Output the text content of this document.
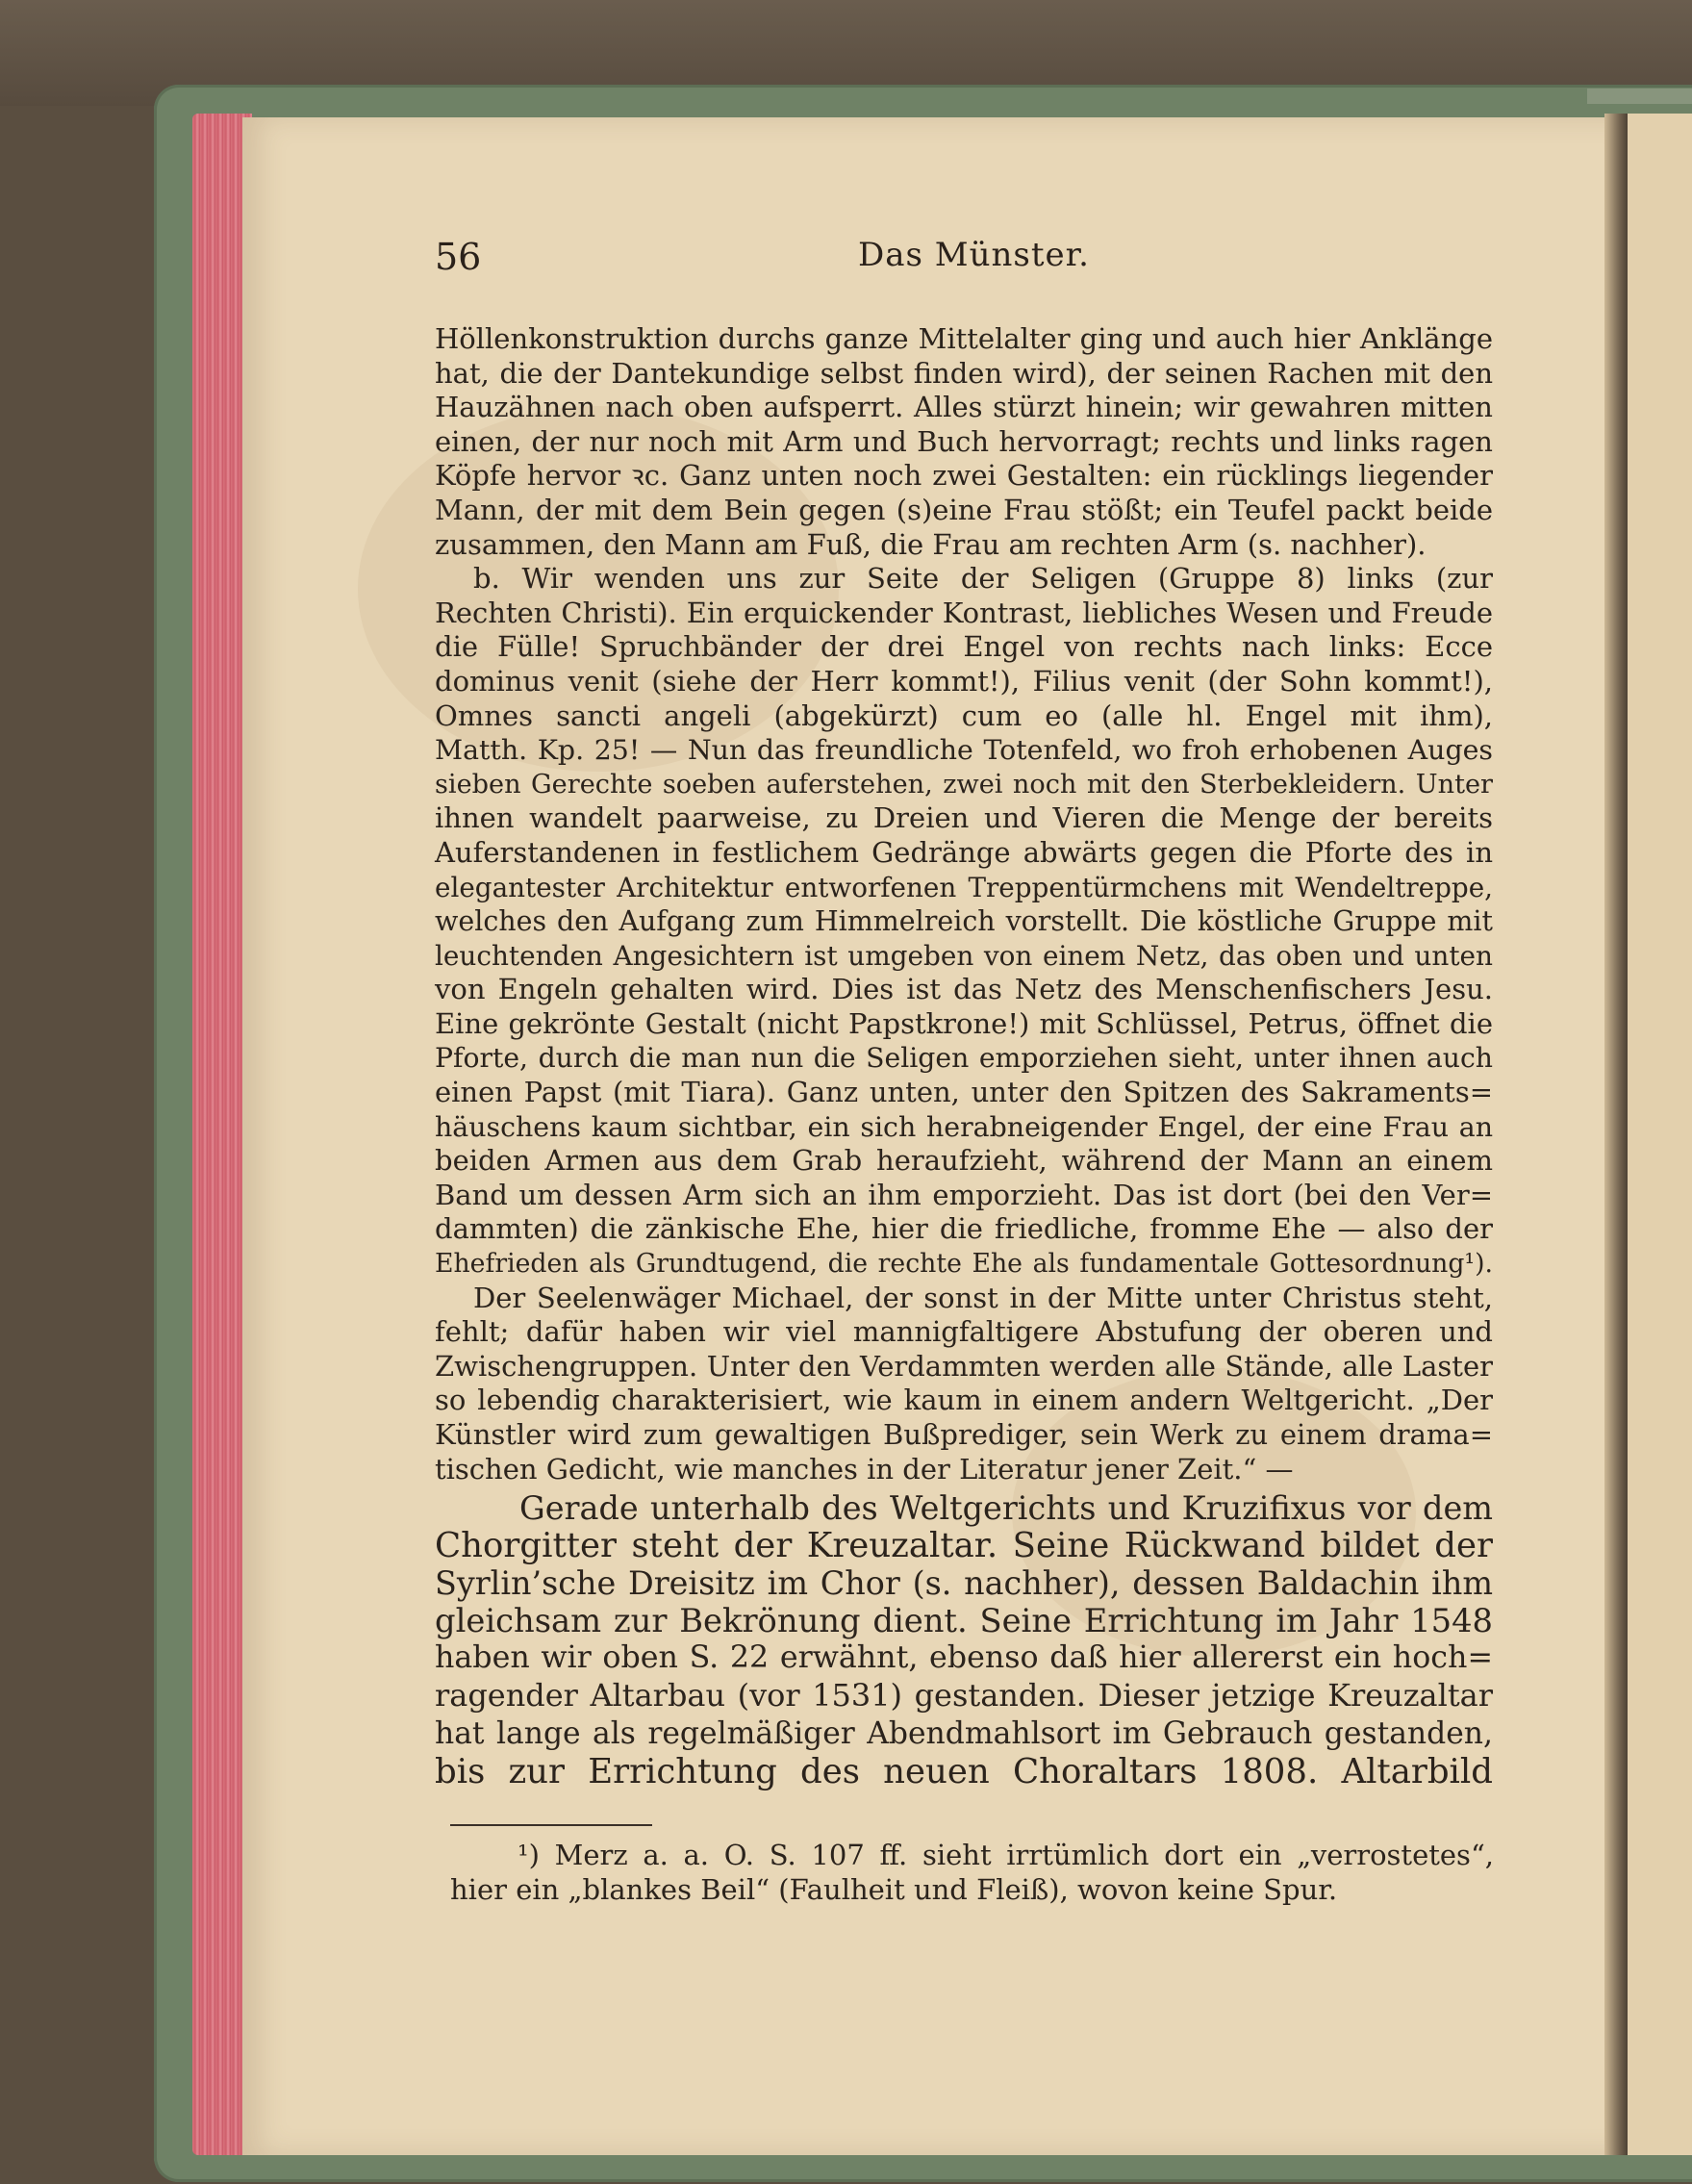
56	Das Münster.
Höllenkonstruktion durchs ganze Mittelalter ging und auch hier Anklänge
hat, die der Dantekundige selbst finden wird), der seinen Rachen mit den
Hauzähnen nach oben aufsperrt. Alles stürzt hinein; wir gewahren mitten
einen, der nur noch mit Arm und Buch hervorragt; rechts und links ragen
Köpfe hervor ꝛc. Ganz unten noch zwei Gestalten: ein rücklings liegender
Mann, der mit dem Bein gegen (s)eine Frau stößt; ein Teufel packt beide
zusammen, den Mann am Fuß, die Frau am rechten Arm (s. nachher).
b. Wir wenden uns zur Seite der Seligen (Gruppe 8) links (zur
Rechten Christi). Ein erquickender Kontrast, liebliches Wesen und Freude
die Fülle! Spruchbänder der drei Engel von rechts nach links: Ecce
dominus venit (siehe der Herr kommt!), Filius venit (der Sohn kommt!),
Omnes sancti angeli (abgekürzt) cum eo (alle hl. Engel mit ihm),
Matth. Kp. 25! — Nun das freundliche Totenfeld, wo froh erhobenen Auges
sieben Gerechte soeben auferstehen, zwei noch mit den Sterbekleidern. Unter
ihnen wandelt paarweise, zu Dreien und Vieren die Menge der bereits
Auferstandenen in festlichem Gedränge abwärts gegen die Pforte des in
elegantester Architektur entworfenen Treppentürmchens mit Wendeltreppe,
welches den Aufgang zum Himmelreich vorstellt. Die köstliche Gruppe mit
leuchtenden Angesichtern ist umgeben von einem Netz, das oben und unten
von Engeln gehalten wird. Dies ist das Netz des Menschenfischers Jesu.
Eine gekrönte Gestalt (nicht Papstkrone!) mit Schlüssel, Petrus, öffnet die
Pforte, durch die man nun die Seligen emporziehen sieht, unter ihnen auch
einen Papst (mit Tiara). Ganz unten, unter den Spitzen des Sakraments=
häuschens kaum sichtbar, ein sich herabneigender Engel, der eine Frau an
beiden Armen aus dem Grab heraufzieht, während der Mann an einem
Band um dessen Arm sich an ihm emporzieht. Das ist dort (bei den Ver=
dammten) die zänkische Ehe, hier die friedliche, fromme Ehe — also der
Ehefrieden als Grundtugend, die rechte Ehe als fundamentale Gottesordnung¹).
Der Seelenwäger Michael, der sonst in der Mitte unter Christus steht,
fehlt; dafür haben wir viel mannigfaltigere Abstufung der oberen und
Zwischengruppen. Unter den Verdammten werden alle Stände, alle Laster
so lebendig charakterisiert, wie kaum in einem andern Weltgericht. „Der
Künstler wird zum gewaltigen Bußprediger, sein Werk zu einem drama=
tischen Gedicht, wie manches in der Literatur jener Zeit.“ —
Gerade unterhalb des Weltgerichts und Kruzifixus vor dem
Chorgitter steht der Kreuzaltar. Seine Rückwand bildet der
Syrlin’sche Dreisitz im Chor (s. nachher), dessen Baldachin ihm
gleichsam zur Bekrönung dient. Seine Errichtung im Jahr 1548
haben wir oben S. 22 erwähnt, ebenso daß hier allererst ein hoch=
ragender Altarbau (vor 1531) gestanden. Dieser jetzige Kreuzaltar
hat lange als regelmäßiger Abendmahlsort im Gebrauch gestanden,
bis zur Errichtung des neuen Choraltars 1808. Altarbild
¹) Merz a. a. O. S. 107 ff. sieht irrtümlich dort ein „verrostetes“,
hier ein „blankes Beil“ (Faulheit und Fleiß), wovon keine Spur.
